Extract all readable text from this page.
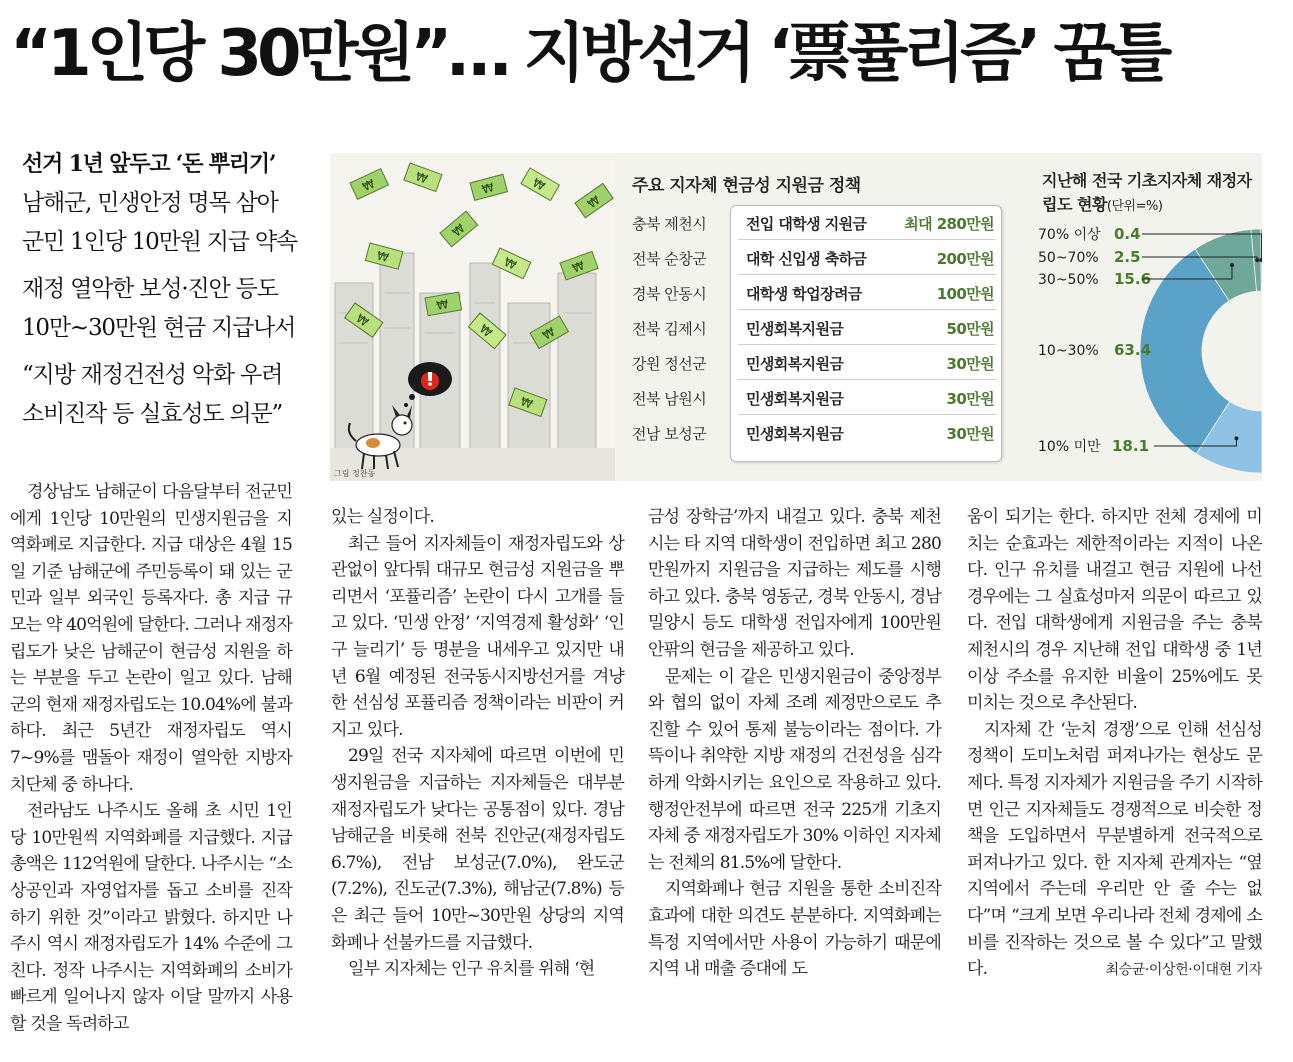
“1인당 30만원”… 지방선거 ‘票퓰리즘’ 꿈틀
선거 1년 앞두고 ‘돈 뿌리기’
남해군, 민생안정 명목 삼아
군민 1인당 10만원 지급 약속
재정 열악한 보성·진안 등도
10만~30만원 현금 지급나서
“지방 재정건전성 악화 우려
소비진작 등 실효성도 의문”
₩	₩
₩	₩
₩
₩
₩
₩	₩
₩
₩
₩	₩
₩
그림 정찬동
주요 지자체 현금성 지원금 정책
충북 제천시	전입 대학생 지원금	최대 280만원
전북 순창군	대학 신입생 축하금	200만원
경북 안동시	대학생 학업장려금	100만원
전북 김제시	민생회복지원금	50만원
강원 정선군	민생회복지원금	30만원
전북 남원시	민생회복지원금	30만원
전남 보성군	민생회복지원금	30만원
지난해 전국 기초지자체 재정자립도 현황(단위=%)
70% 이상 0.4
50~70% 2.5
30~50% 15.6
10~30% 63.4
10% 미만 18.1

경상남도 남해군이 다음달부터 전군민에게 1인당 10만원의 민생지원금을 지역화폐로 지급한다. 지급 대상은 4월 15일 기준 남해군에 주민등록이 돼 있는 군민과 일부 외국인 등록자다. 총 지급 규모는 약 40억원에 달한다. 그러나 재정자립도가 낮은 남해군이 현금성 지원을 하는 부분을 두고 논란이 일고 있다. 남해군의 현재 재정자립도는 10.04%에 불과하다. 최근 5년간 재정자립도 역시 7~9%를 맴돌아 재정이 열악한 지방자치단체 중 하나다.

전라남도 나주시도 올해 초 시민 1인당 10만원씩 지역화폐를 지급했다. 지급 총액은 112억원에 달한다. 나주시는 “소상공인과 자영업자를 돕고 소비를 진작하기 위한 것”이라고 밝혔다. 하지만 나주시 역시 재정자립도가 14% 수준에 그친다. 정작 나주시는 지역화폐의 소비가 빠르게 일어나지 않자 이달 말까지 사용할 것을 독려하고

있는 실정이다.

최근 들어 지자체들이 재정자립도와 상관없이 앞다퉈 대규모 현금성 지원금을 뿌리면서 ‘포퓰리즘’ 논란이 다시 고개를 들고 있다. ‘민생 안정’ ‘지역경제 활성화’ ‘인구 늘리기’ 등 명분을 내세우고 있지만 내년 6월 예정된 전국동시지방선거를 겨냥한 선심성 포퓰리즘 정책이라는 비판이 커지고 있다.

29일 전국 지자체에 따르면 이번에 민생지원금을 지급하는 지자체들은 대부분 재정자립도가 낮다는 공통점이 있다. 경남 남해군을 비롯해 전북 진안군(재정자립도 6.7%), 전남 보성군(7.0%), 완도군(7.2%), 진도군(7.3%), 해남군(7.8%) 등은 최근 들어 10만~30만원 상당의 지역화폐나 선불카드를 지급했다.

일부 지자체는 인구 유치를 위해 ‘현

금성 장학금’까지 내걸고 있다. 충북 제천시는 타 지역 대학생이 전입하면 최고 280만원까지 지원금을 지급하는 제도를 시행하고 있다. 충북 영동군, 경북 안동시, 경남 밀양시 등도 대학생 전입자에게 100만원 안팎의 현금을 제공하고 있다.

문제는 이 같은 민생지원금이 중앙정부와 협의 없이 자체 조례 제정만으로도 추진할 수 있어 통제 불능이라는 점이다. 가뜩이나 취약한 지방 재정의 건전성을 심각하게 악화시키는 요인으로 작용하고 있다. 행정안전부에 따르면 전국 225개 기초지자체 중 재정자립도가 30% 이하인 지자체는 전체의 81.5%에 달한다.

지역화폐나 현금 지원을 통한 소비진작 효과에 대한 의견도 분분하다. 지역화폐는 특정 지역에서만 사용이 가능하기 때문에 지역 내 매출 증대에 도

움이 되기는 한다. 하지만 전체 경제에 미치는 순효과는 제한적이라는 지적이 나온다. 인구 유치를 내걸고 현금 지원에 나선 경우에는 그 실효성마저 의문이 따르고 있다. 전입 대학생에게 지원금을 주는 충북 제천시의 경우 지난해 전입 대학생 중 1년 이상 주소를 유지한 비율이 25%에도 못 미치는 것으로 추산된다.

지자체 간 ‘눈치 경쟁’으로 인해 선심성 정책이 도미노처럼 퍼져나가는 현상도 문제다. 특정 지자체가 지원금을 주기 시작하면 인근 지자체들도 경쟁적으로 비슷한 정책을 도입하면서 무분별하게 전국적으로 퍼져나가고 있다. 한 지자체 관계자는 “옆 지역에서 주는데 우리만 안 줄 수는 없다”며 “크게 보면 우리나라 전체 경제에 소비를 진작하는 것으로 볼 수 있다”고 말했다.	최승균·이상헌·이대현 기자
